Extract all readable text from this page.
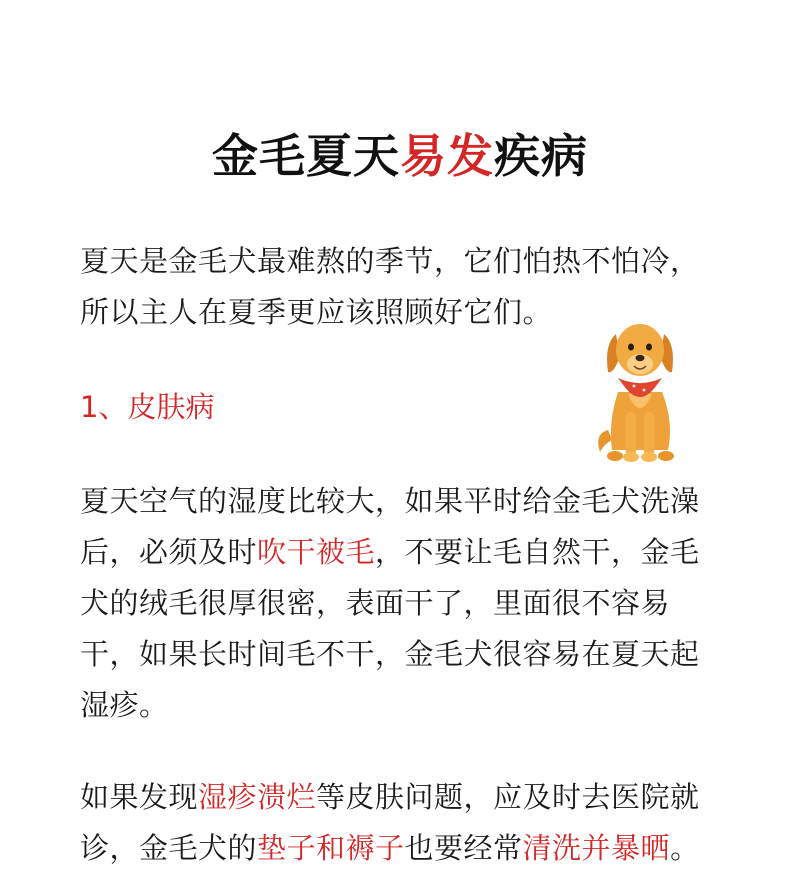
金毛夏天易发疾病
夏天是金毛犬最难熬的季节，它们怕热不怕冷，
所以主人在夏季更应该照顾好它们。
1、皮肤病
夏天空气的湿度比较大，如果平时给金毛犬洗澡
后，必须及时吹干被毛，不要让毛自然干，金毛
犬的绒毛很厚很密，表面干了，里面很不容易
干，如果长时间毛不干，金毛犬很容易在夏天起
湿疹。
如果发现湿疹溃烂等皮肤问题，应及时去医院就
诊，金毛犬的垫子和褥子也要经常清洗并暴晒。
